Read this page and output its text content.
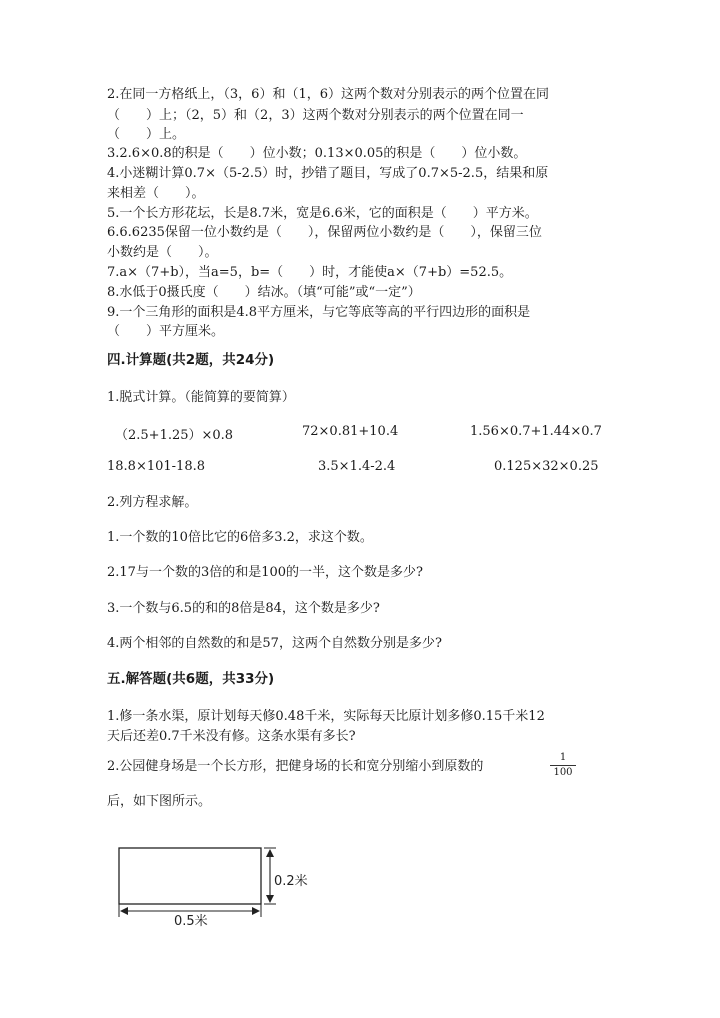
2.在同一方格纸上，（3，6）和（1，6）这两个数对分别表示的两个位置在同
（　　）上；（2，5）和（2，3）这两个数对分别表示的两个位置在同一
（　　）上。
3.2.6×0.8的积是（　　）位小数；0.13×0.05的积是（　　）位小数。
4.小迷糊计算0.7×（5-2.5）时，抄错了题目，写成了0.7×5-2.5，结果和原
来相差（　　）。
5.一个长方形花坛，长是8.7米，宽是6.6米，它的面积是（　　）平方米。
6.6.6235保留一位小数约是（　　），保留两位小数约是（　　），保留三位
小数约是（　　）。
7.a×（7+b），当a=5，b=（　　）时，才能使a×（7+b）=52.5。
8.水低于0摄氏度（　　）结冰。（填“可能”或“一定”）
9.一个三角形的面积是4.8平方厘米，与它等底等高的平行四边形的面积是
（　　）平方厘米。
四.计算题(共2题，共24分)
1.脱式计算。（能简算的要简算）
（2.5+1.25）×0.8	72×0.81+10.4	1.56×0.7+1.44×0.7
18.8×101-18.8	3.5×1.4-2.4	0.125×32×0.25
2.列方程求解。
1.一个数的10倍比它的6倍多3.2，求这个数。
2.17与一个数的3倍的和是100的一半，这个数是多少?
3.一个数与6.5的和的8倍是84，这个数是多少?
4.两个相邻的自然数的和是57，这两个自然数分别是多少?
五.解答题(共6题，共33分)
1.修一条水渠，原计划每天修0.48千米，实际每天比原计划多修0.15千米12
天后还差0.7千米没有修。这条水渠有多长?
2.公园健身场是一个长方形，把健身场的长和宽分别缩小到原数的
1
100
后，如下图所示。
0.2米
0.5米
